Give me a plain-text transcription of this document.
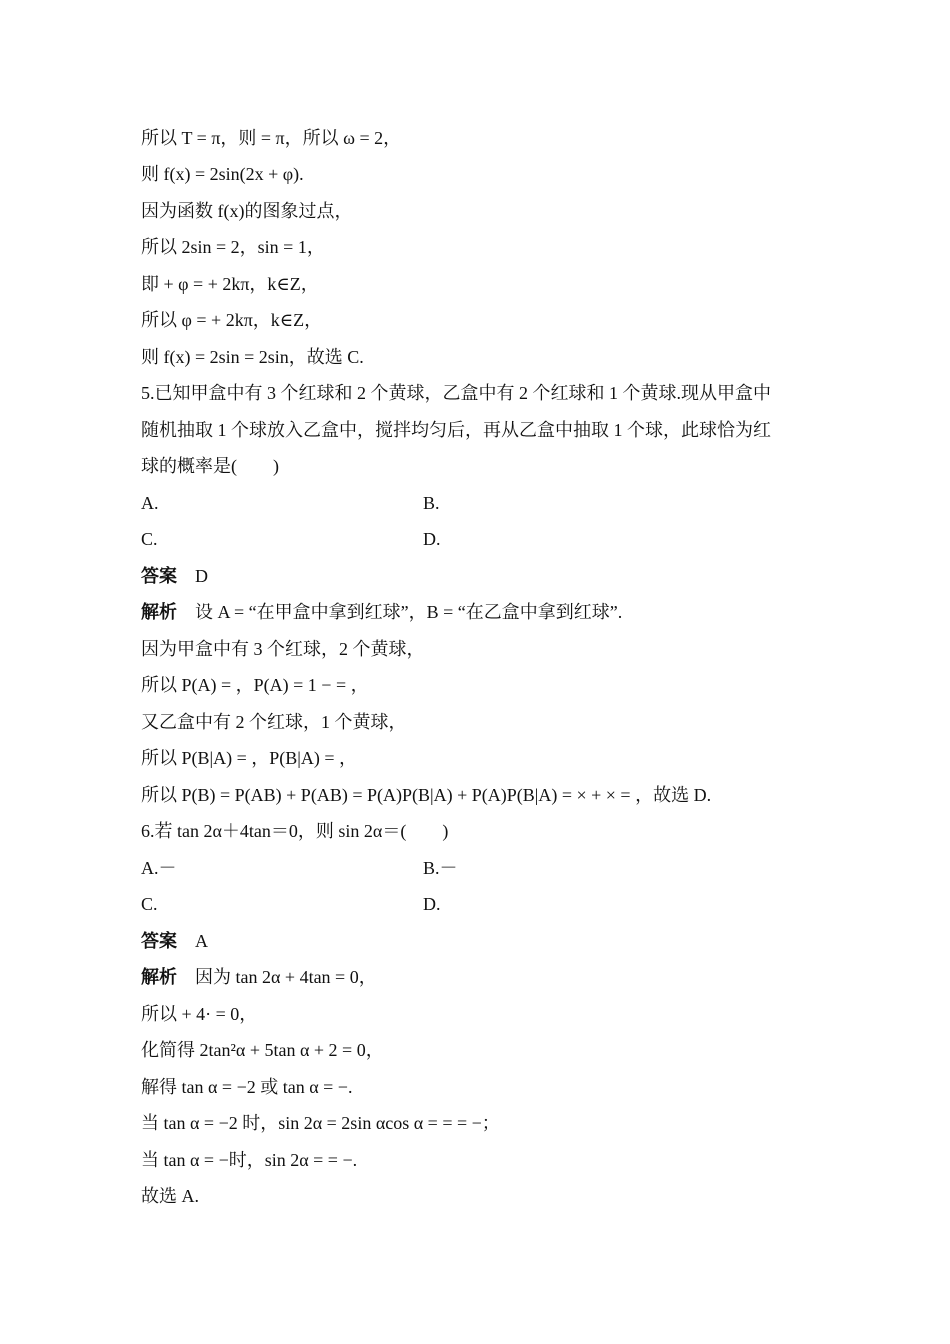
所以 T = π，则 = π，所以 ω = 2，
则 f(x) = 2sin(2x + φ).
因为函数 f(x)的图象过点，
所以 2sin = 2，sin = 1，
即 + φ = + 2kπ，k∈Z，
所以 φ = + 2kπ，k∈Z，
则 f(x) = 2sin = 2sin，故选 C.
5.已知甲盒中有 3 个红球和 2 个黄球，乙盒中有 2 个红球和 1 个黄球.现从甲盒中
随机抽取 1 个球放入乙盒中，搅拌均匀后，再从乙盒中抽取 1 个球，此球恰为红
球的概率是(　　)
A.	B.
C.	D.
答案 D
解析 设 A = “在甲盒中拿到红球”，B = “在乙盒中拿到红球”.
因为甲盒中有 3 个红球，2 个黄球，
所以 P(A) = ，P(A) = 1 − = ，
又乙盒中有 2 个红球，1 个黄球，
所以 P(B|A) = ，P(B|A) = ，
所以 P(B) = P(AB) + P(AB) = P(A)P(B|A) + P(A)P(B|A) = × + × = ，故选 D.
6.若 tan 2α＋4tan＝0，则 sin 2α＝(　　)
A.－	B.－
C.	D.
答案 A
解析 因为 tan 2α + 4tan = 0，
所以 + 4· = 0，
化简得 2tan²α + 5tan α + 2 = 0，
解得 tan α = −2 或 tan α = −.
当 tan α = −2 时，sin 2α = 2sin αcos α = = = −；
当 tan α = −时，sin 2α = = −.
故选 A.
